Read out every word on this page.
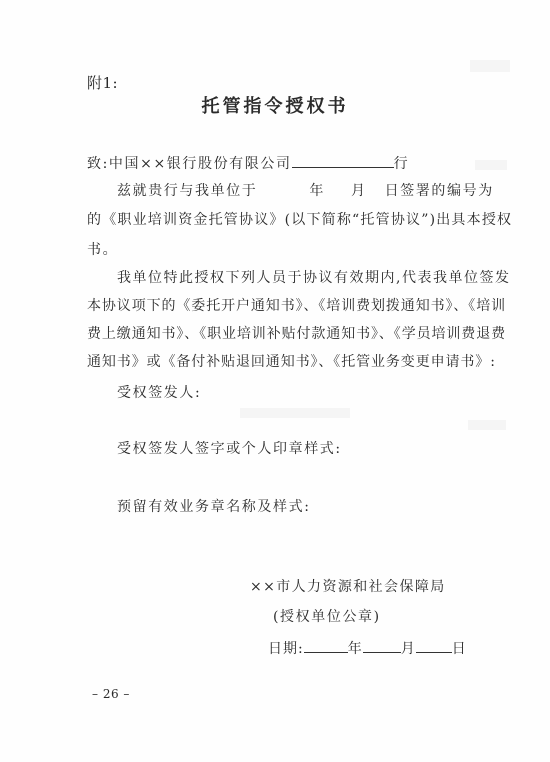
附1:
托管指令授权书
致:中国××银行股份有限公司	行
兹就贵行与我单位于	年 月 日签署的编号为
的《职业培训资金托管协议》(以下简称“托管协议”)出具本授权
书。
我单位特此授权下列人员于协议有效期内,代表我单位签发
本协议项下的《委托开户通知书》、《培训费划拨通知书》、《培训
费上缴通知书》、《职业培训补贴付款通知书》、《学员培训费退费
通知书》或《备付补贴退回通知书》、《托管业务变更申请书》:
受权签发人:
受权签发人签字或个人印章样式:
预留有效业务章名称及样式:
××市人力资源和社会保障局
(授权单位公章)
日期:	年	月	日
– 26 –
